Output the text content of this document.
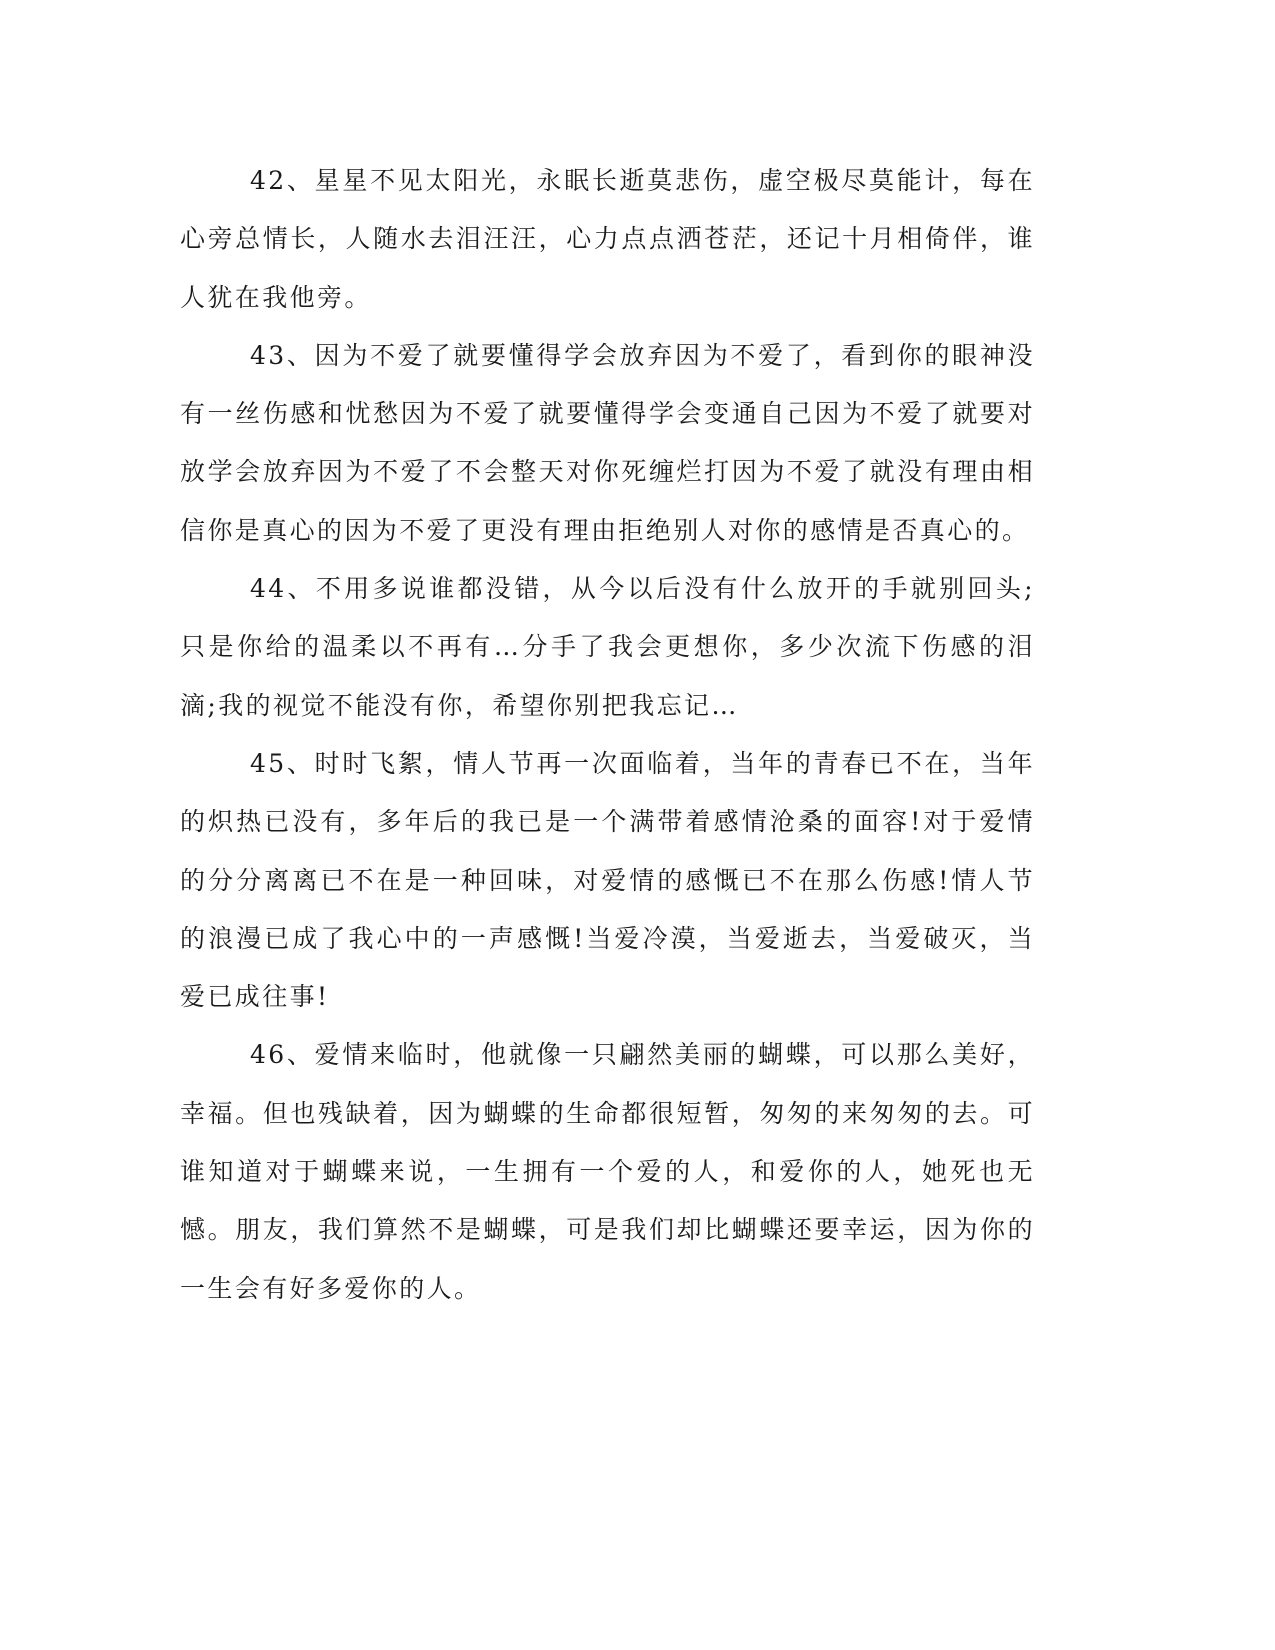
42、星星不见太阳光，永眠长逝莫悲伤，虚空极尽莫能计，每在心旁总情长，人随水去泪汪汪，心力点点洒苍茫，还记十月相倚伴，谁人犹在我他旁。

43、因为不爱了就要懂得学会放弃因为不爱了，看到你的眼神没有一丝伤感和忧愁因为不爱了就要懂得学会变通自己因为不爱了就要对放学会放弃因为不爱了不会整天对你死缠烂打因为不爱了就没有理由相信你是真心的因为不爱了更没有理由拒绝别人对你的感情是否真心的。

44、不用多说谁都没错，从今以后没有什么放开的手就别回头;只是你给的温柔以不再有…分手了我会更想你，多少次流下伤感的泪滴;我的视觉不能没有你，希望你别把我忘记…

45、时时飞絮，情人节再一次面临着，当年的青春已不在，当年的炽热已没有，多年后的我已是一个满带着感情沧桑的面容!对于爱情的分分离离已不在是一种回味，对爱情的感慨已不在那么伤感!情人节的浪漫已成了我心中的一声感慨!当爱冷漠，当爱逝去，当爱破灭，当爱已成往事!

46、爱情来临时，他就像一只翩然美丽的蝴蝶，可以那么美好，幸福。但也残缺着，因为蝴蝶的生命都很短暂，匆匆的来匆匆的去。可谁知道对于蝴蝶来说，一生拥有一个爱的人，和爱你的人，她死也无憾。朋友，我们算然不是蝴蝶，可是我们却比蝴蝶还要幸运，因为你的一生会有好多爱你的人。
